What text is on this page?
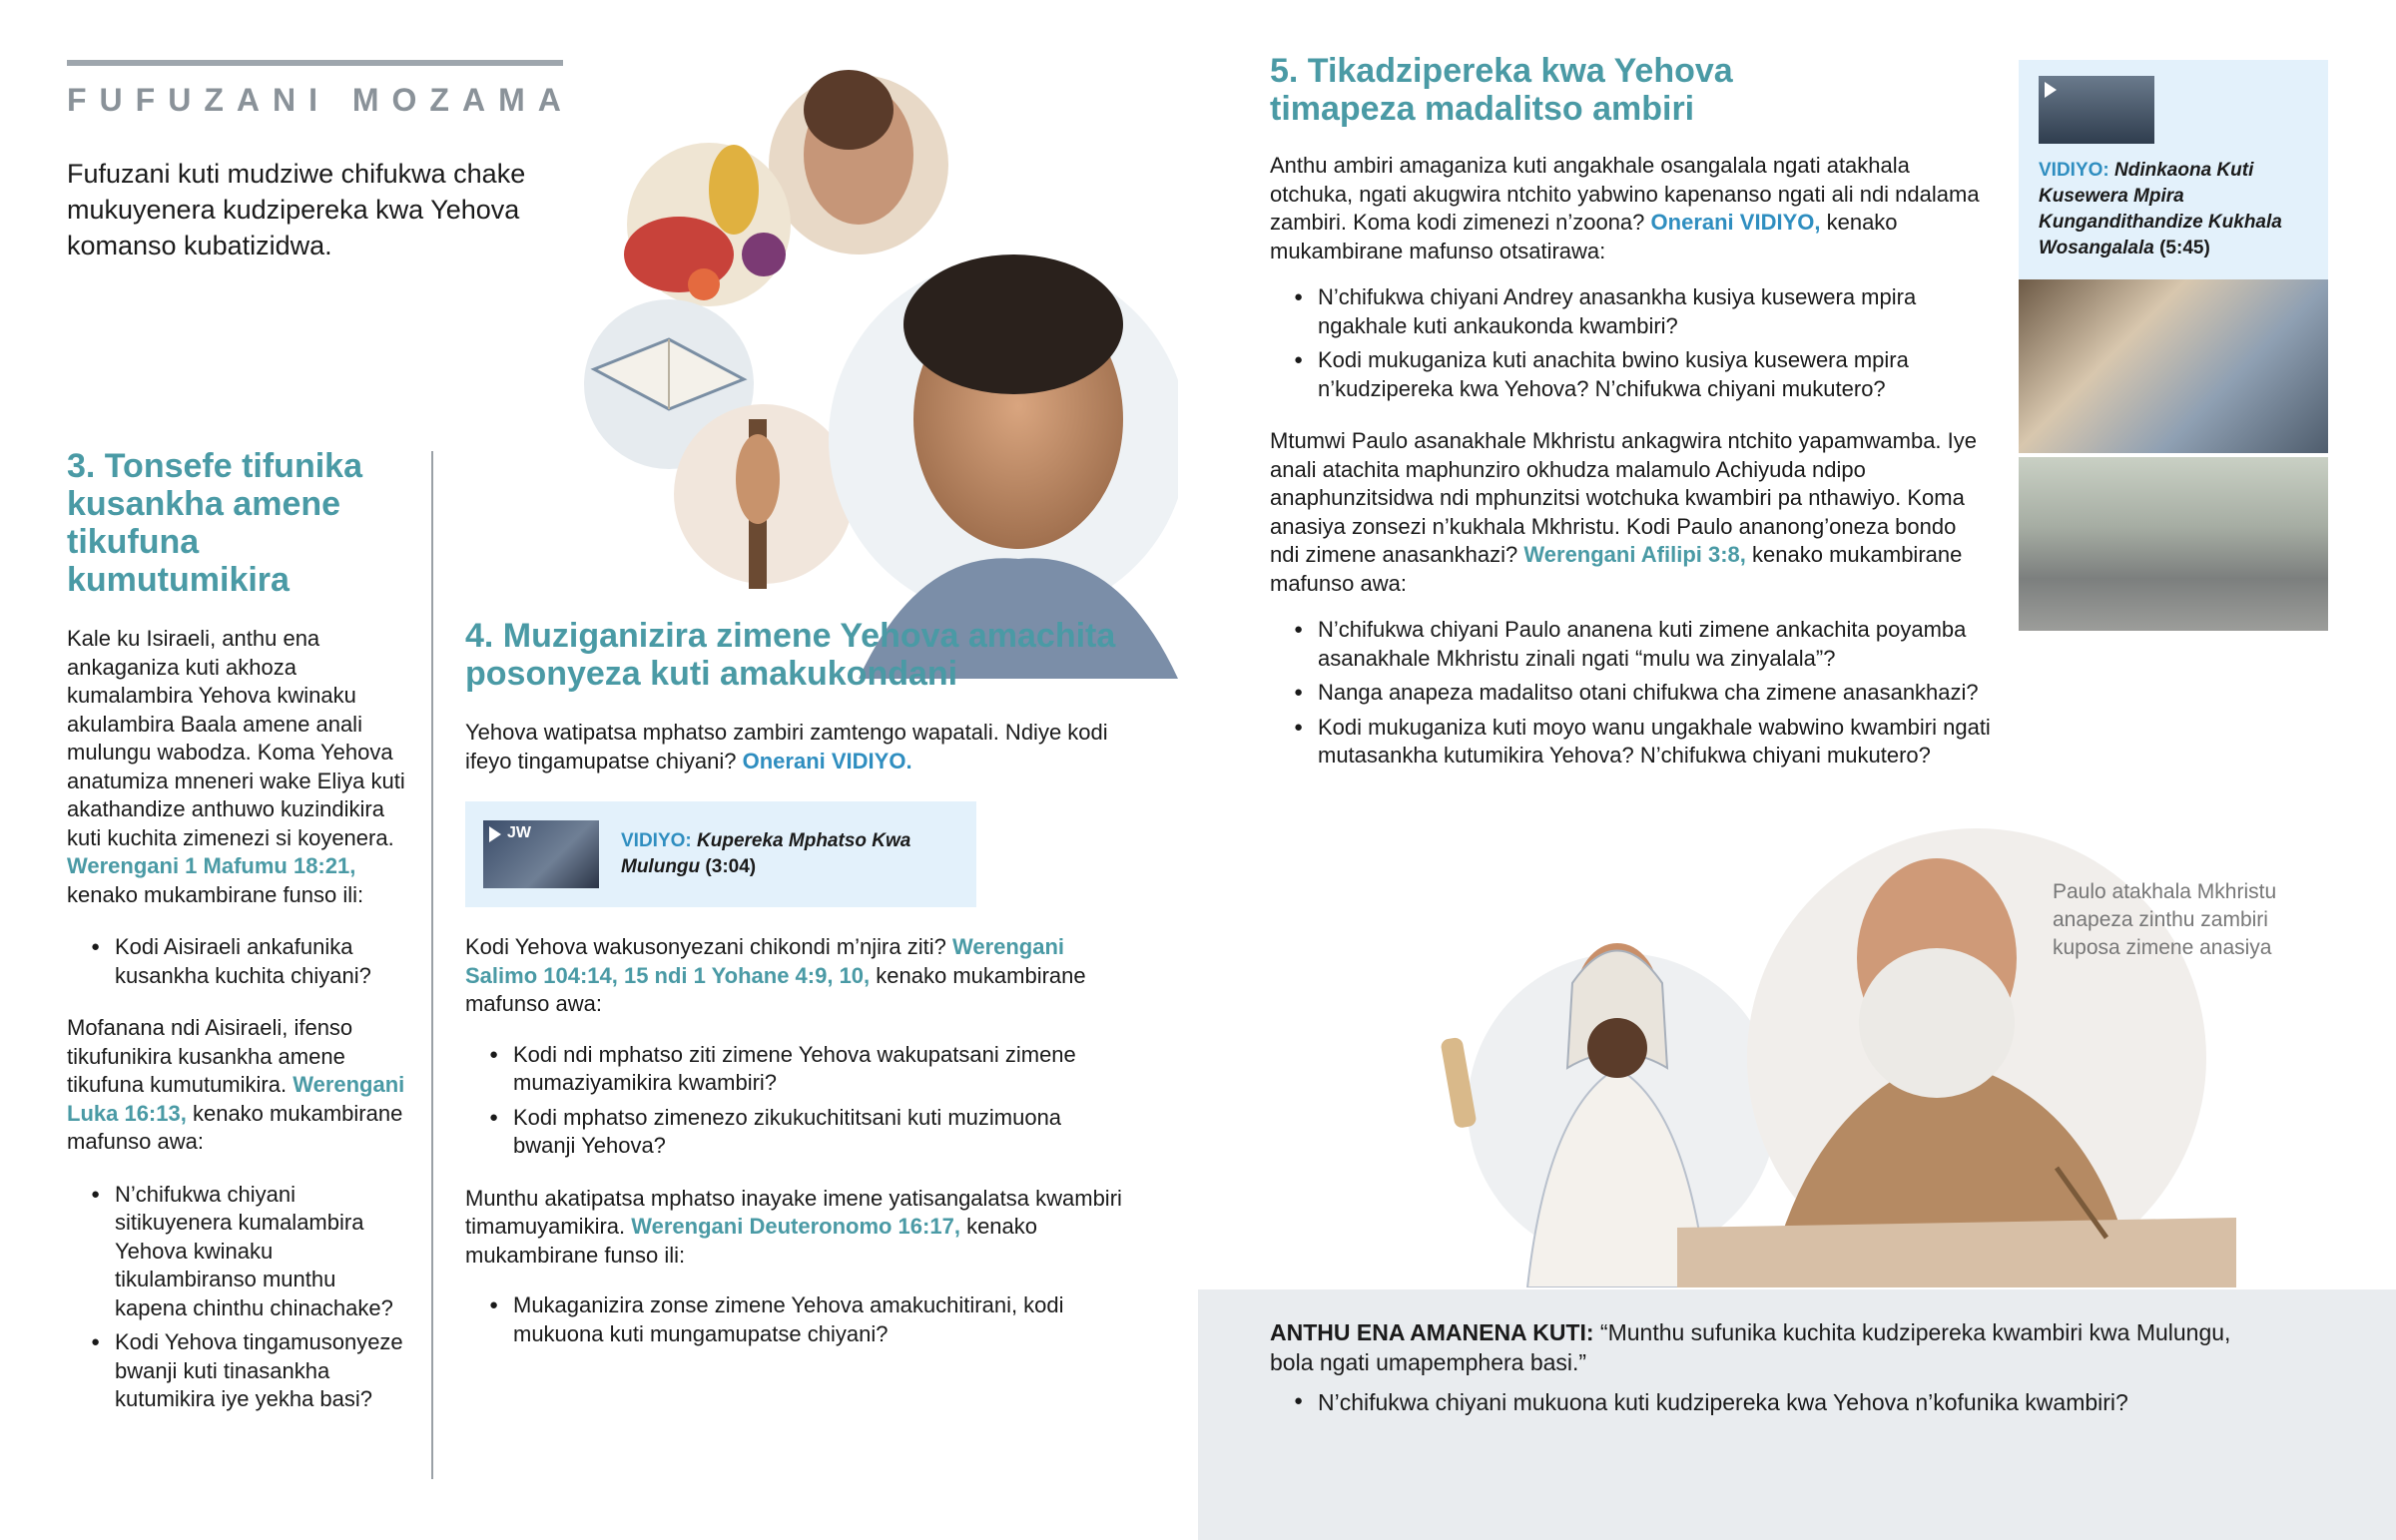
FUFUZANI MOZAMA

Fufuzani kuti mudziwe chifukwa chake mukuyenera kudzipereka kwa Yehova komanso kubatizidwa.

3. Tonsefe tifunika kusankha amene tikufuna kumutumikira

Kale ku Isiraeli, anthu ena ankaganiza kuti akhoza kumalambira Yehova kwinaku akulambira Baala amene anali mulungu wabodza. Koma Yehova anatumiza mneneri wake Eliya kuti akathandize anthuwo kuzindikira kuti kuchita zimenezi si koyenera. Werengani 1 Mafumu 18:21, kenako mukambirane funso ili:

● Kodi Aisiraeli ankafunika kusankha kuchita chiyani?

Mofanana ndi Aisiraeli, ifenso tikufunikira kusankha amene tikufuna kumutumikira. Werengani Luka 16:13, kenako mukambirane mafunso awa:

● N’chifukwa chiyani sitikuyenera kumalambira Yehova kwinaku tikulambiranso munthu kapena chinthu chinachake?
● Kodi Yehova tingamusonyeze bwanji kuti tinasankha kutumikira iye yekha basi?
4. Muziganizira zimene Yehova amachita posonyeza kuti amakukondani

Yehova watipatsa mphatso zambiri zamtengo wapatali. Ndiye kodi ifeyo tingamupatse chiyani? Onerani VIDIYO.

JW	VIDIYO: Kupereka Mphatso Kwa Mulungu (3:04)

Kodi Yehova wakusonyezani chikondi m’njira ziti? Werengani Salimo 104:14, 15 ndi 1 Yohane 4:9, 10, kenako mukambirane mafunso awa:

● Kodi ndi mphatso ziti zimene Yehova wakupatsani zimene mumaziyamikira kwambiri?
● Kodi mphatso zimenezo zikukuchititsani kuti muzimuona bwanji Yehova?

Munthu akatipatsa mphatso inayake imene yatisangalatsa kwambiri timamuyamikira. Werengani Deuteronomo 16:17, kenako mukambirane funso ili:

● Mukaganizira zonse zimene Yehova amakuchitirani, kodi mukuona kuti mungamupatse chiyani?
5. Tikadzipereka kwa Yehova timapeza madalitso ambiri

Anthu ambiri amaganiza kuti angakhale osangalala ngati atakhala otchuka, ngati akugwira ntchito yabwino kapenanso ngati ali ndi ndalama zambiri. Koma kodi zimenezi n’zoona? Onerani VIDIYO, kenako mukambirane mafunso otsatirawa:

● N’chifukwa chiyani Andrey anasankha kusiya kusewera mpira ngakhale kuti ankaukonda kwambiri?
● Kodi mukuganiza kuti anachita bwino kusiya kusewera mpira n’kudzipereka kwa Yehova? N’chifukwa chiyani mukutero?

Mtumwi Paulo asanakhale Mkhristu ankagwira ntchito yapamwamba. Iye anali atachita maphunziro okhudza malamulo Achiyuda ndipo anaphunzitsidwa ndi mphunzitsi wotchuka kwambiri pa nthawiyo. Koma anasiya zonsezi n’kukhala Mkhristu. Kodi Paulo ananong’oneza bondo ndi zimene anasankhazi? Werengani Afilipi 3:8, kenako mukambirane mafunso awa:

● N’chifukwa chiyani Paulo ananena kuti zimene ankachita poyamba asanakhale Mkhristu zinali ngati “mulu wa zinyalala”?
● Nanga anapeza madalitso otani chifukwa cha zimene anasankhazi?
● Kodi mukuganiza kuti moyo wanu ungakhale wabwino kwambiri ngati mutasankha kutumikira Yehova? N’chifukwa chiyani mukutero?
VIDIYO: Ndinkaona Kuti Kusewera Mpira Kungandithandize Kukhala Wosangalala (5:45)

Paulo atakhala Mkhristu anapeza zinthu zambiri kuposa zimene anasiya

ANTHU ENA AMANENA KUTI: “Munthu sufunika kuchita kudzipereka kwambiri kwa Mulungu, bola ngati umapemphera basi.”

● N’chifukwa chiyani mukuona kuti kudzipereka kwa Yehova n’kofunika kwambiri?
